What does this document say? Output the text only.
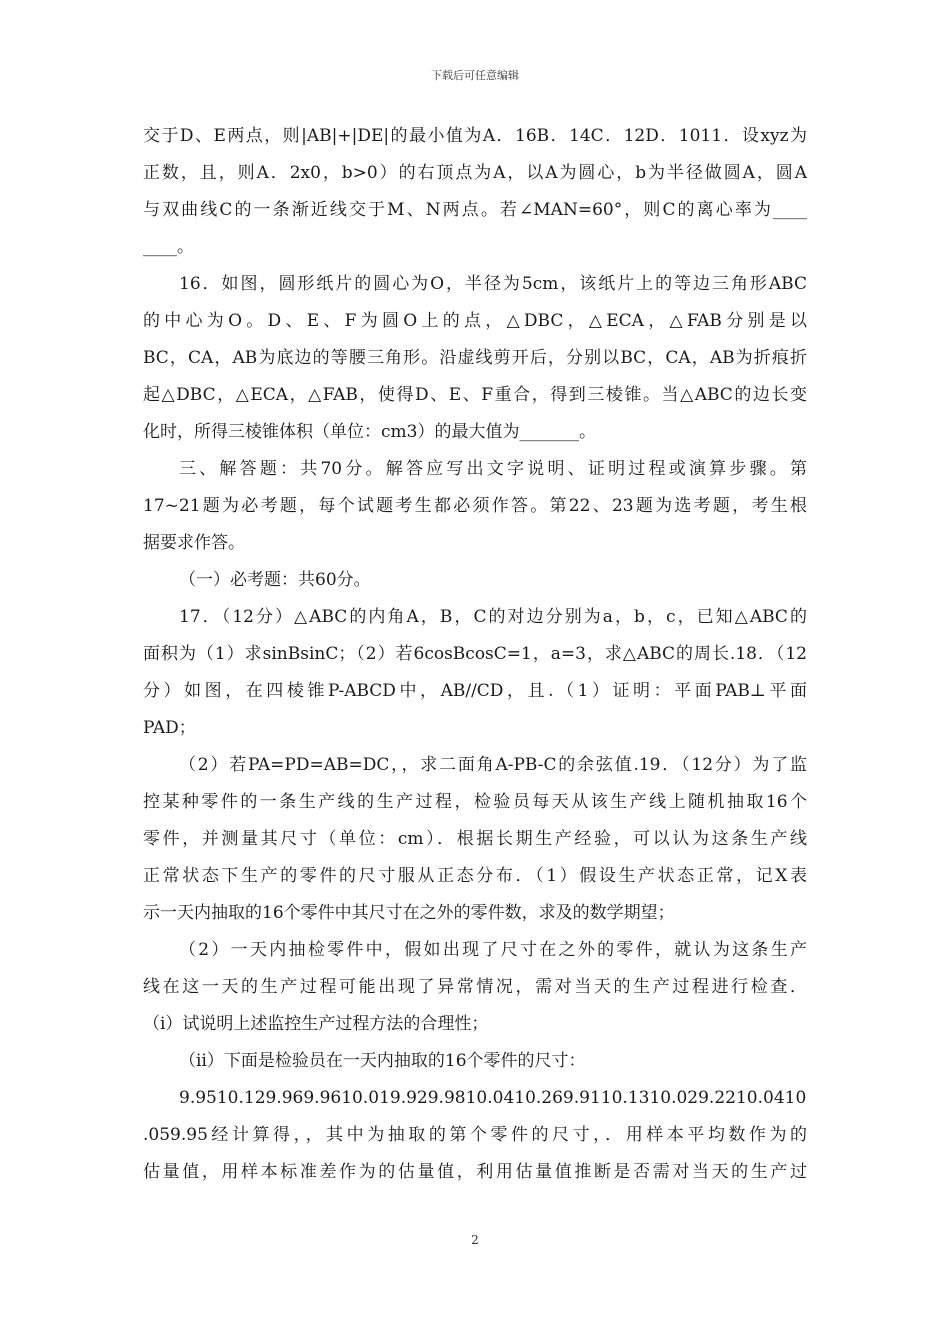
下载后可任意编辑
交于D、E两点，则|AB|+|DE|的最小值为A．16B．14C．12D．1011．设xyz为
正数，且，则A．2x0，b>0）的右顶点为A，以A为圆心，b为半径做圆A，圆A
与双曲线C的一条渐近线交于M、N两点。若∠MAN=60°，则C的离心率为____
____。
16．如图，圆形纸片的圆心为O，半径为5cm，该纸片上的等边三角形ABC
的中心为O。D、E、F为圆O上的点，△DBC，△ECA，△FAB分别是以
BC，CA，AB为底边的等腰三角形。沿虚线剪开后，分别以BC，CA，AB为折痕折
起△DBC，△ECA，△FAB，使得D、E、F重合，得到三棱锥。当△ABC的边长变
化时，所得三棱锥体积（单位：cm3）的最大值为_______。
三、解答题：共70分。解答应写出文字说明、证明过程或演算步骤。第
17~21题为必考题，每个试题考生都必须作答。第22、23题为选考题，考生根
据要求作答。
（一）必考题：共60分。
17．（12分）△ABC的内角A，B，C的对边分别为a，b，c，已知△ABC的
面积为（1）求sinBsinC；（2）若6cosBcosC=1，a=3，求△ABC的周长.18．（12
分）如图，在四棱锥P-ABCD中，AB//CD，且.（1）证明：平面PAB⊥平面
PAD；
（2）若PA=PD=AB=DC，，求二面角A-PB-C的余弦值.19．（12分）为了监
控某种零件的一条生产线的生产过程，检验员每天从该生产线上随机抽取16个
零件，并测量其尺寸（单位：cm）．根据长期生产经验，可以认为这条生产线
正常状态下生产的零件的尺寸服从正态分布．（1）假设生产状态正常，记X表
示一天内抽取的16个零件中其尺寸在之外的零件数，求及的数学期望；
（2）一天内抽检零件中，假如出现了尺寸在之外的零件，就认为这条生产
线在这一天的生产过程可能出现了异常情况，需对当天的生产过程进行检查．
（ⅰ）试说明上述监控生产过程方法的合理性；
（ⅱ）下面是检验员在一天内抽取的16个零件的尺寸：
9.9510.129.969.9610.019.929.9810.0410.269.9110.1310.029.2210.0410
.059.95经计算得，，其中为抽取的第个零件的尺寸，．用样本平均数作为的
估量值，用样本标准差作为的估量值，利用估量值推断是否需对当天的生产过
2
